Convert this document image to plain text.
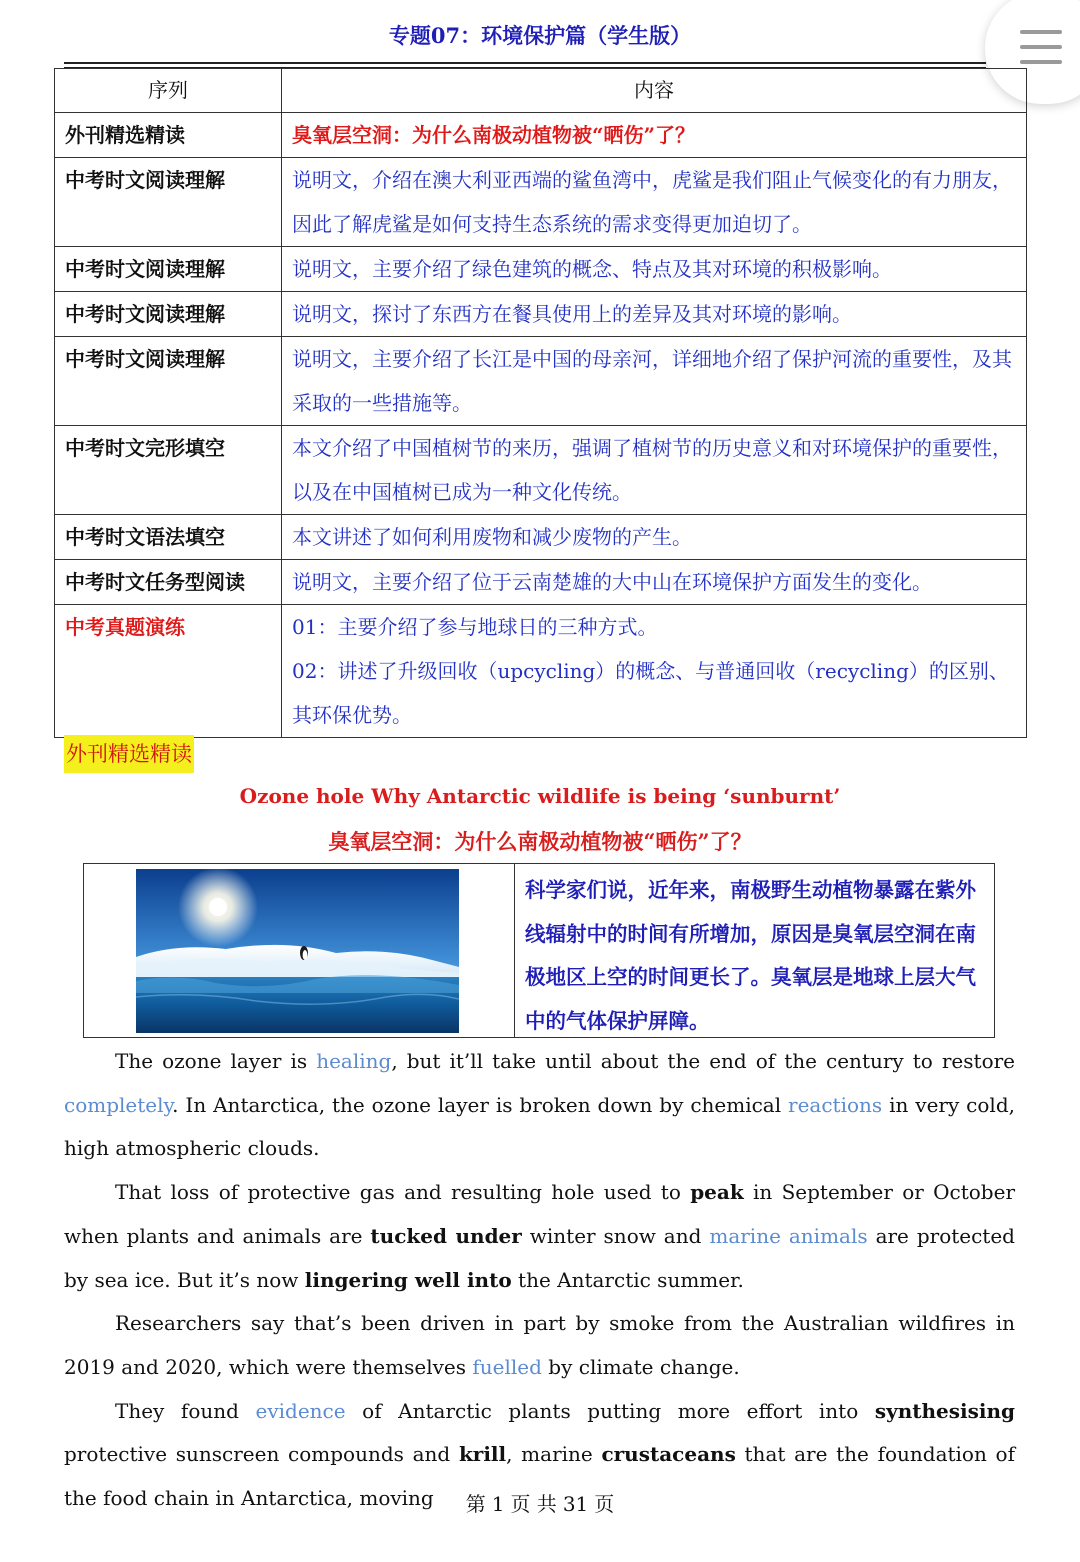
专题07：环境保护篇（学生版）
序列	内容
外刊精选精读	臭氧层空洞：为什么南极动植物被“晒伤”了？
中考时文阅读理解	说明文，介绍在澳大利亚西端的鲨鱼湾中，虎鲨是我们阻止气候变化的有力朋友，因此了解虎鲨是如何支持生态系统的需求变得更加迫切了。
中考时文阅读理解	说明文，主要介绍了绿色建筑的概念、特点及其对环境的积极影响。
中考时文阅读理解	说明文，探讨了东西方在餐具使用上的差异及其对环境的影响。
中考时文阅读理解	说明文，主要介绍了长江是中国的母亲河，详细地介绍了保护河流的重要性，及其采取的一些措施等。
中考时文完形填空	本文介绍了中国植树节的来历，强调了植树节的历史意义和对环境保护的重要性，以及在中国植树已成为一种文化传统。
中考时文语法填空	本文讲述了如何利用废物和减少废物的产生。
中考时文任务型阅读	说明文，主要介绍了位于云南楚雄的大中山在环境保护方面发生的变化。
中考真题演练	01：主要介绍了参与地球日的三种方式。
02：讲述了升级回收（upcycling）的概念、与普通回收（recycling）的区别、其环保优势。
外刊精选精读
Ozone hole Why Antarctic wildlife is being ‘sunburnt’
臭氧层空洞：为什么南极动植物被“晒伤”了？
科学家们说，近年来，南极野生动植物暴露在紫外线辐射中的时间有所增加，原因是臭氧层空洞在南极地区上空的时间更长了。臭氧层是地球上层大气中的气体保护屏障。

The ozone layer is healing, but it’ll take until about the end of the century to restore completely. In Antarctica, the ozone layer is broken down by chemical reactions in very cold, high atmospheric clouds.

That loss of protective gas and resulting hole used to peak in September or October when plants and animals are tucked under winter snow and marine animals are protected by sea ice. But it’s now lingering well into the Antarctic summer.

Researchers say that’s been driven in part by smoke from the Australian wildfires in 2019 and 2020, which were themselves fuelled by climate change.

They found evidence of Antarctic plants putting more effort into synthesising protective sunscreen compounds and krill, marine crustaceans that are the foundation of the food chain in Antarctica, moving	第 1 页 共 31 页
